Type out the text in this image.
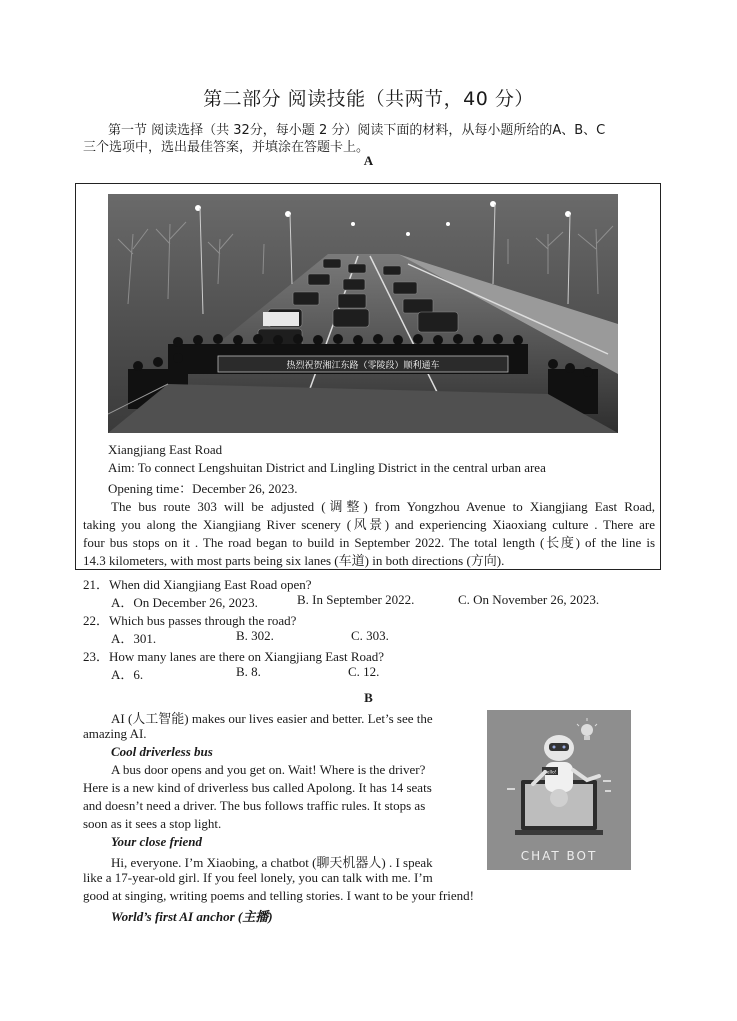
第二部分 阅读技能（共两节，40 分）
第一节 阅读选择（共 32分，每小题 2 分）阅读下面的材料，从每小题所给的A、B、C
三个选项中，选出最佳答案，并填涂在答题卡上。
A
热烈祝贺湘江东路（零陵段）顺利通车
Xiangjiang East Road
Aim: To connect Lengshuitan District and Lingling District in the central urban area
Opening time：December 26, 2023.
The bus route 303 will be adjusted (调整) from Yongzhou Avenue to Xiangjiang East Road,
taking you along the Xiangjiang River scenery (风景) and experiencing Xiaoxiang culture . There are
four bus stops on it . The road began to build in September 2022. The total length (长度) of the line is
14.3 kilometers, with most parts being six lanes (车道) in both directions (方向).
21．When did Xiangjiang East Road open?
A．On December 26, 2023.	B. In September 2022.	C. On November 26, 2023.
22．Which bus passes through the road?
A．301.	B. 302.	C. 303.
23．How many lanes are there on Xiangjiang East Road?
A．6.	B. 8.	C. 12.
B
AI (人工智能) makes our lives easier and better. Let’s see the
amazing AI.
Cool driverless bus
A bus door opens and you get on. Wait! Where is the driver?
Here is a new kind of driverless bus called Apolong. It has 14 seats
and doesn’t need a driver. The bus follows traffic rules. It stops as
soon as it sees a stop light.
Your close friend
Hi, everyone. I’m Xiaobing, a chatbot (聊天机器人) . I speak
like a 17-year-old girl. If you feel lonely, you can talk with me. I’m
good at singing, writing poems and telling stories. I want to be your friend!
World’s first AI anchor (主播)
Hello!
CHAT BOT
